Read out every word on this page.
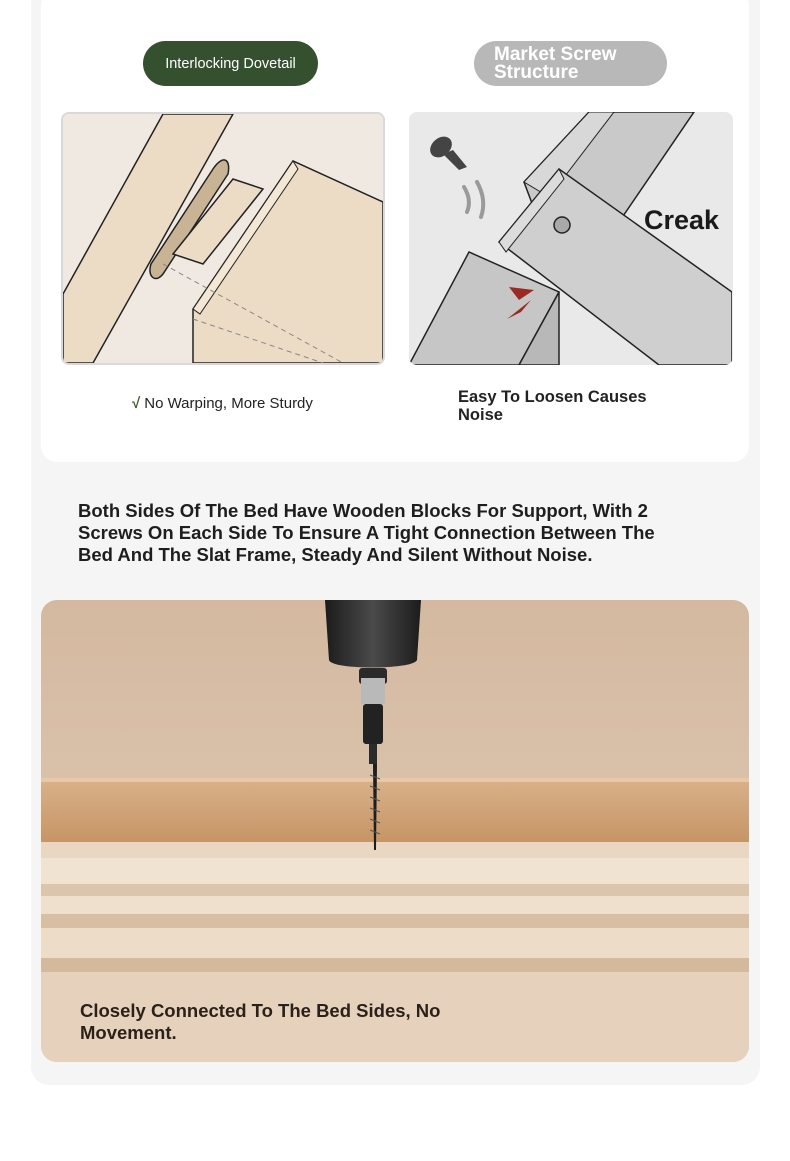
Interlocking Dovetail	Market Screw Structure
Creak
√ No Warping, More Sturdy	Easy To Loosen Causes Noise
Both Sides Of The Bed Have Wooden Blocks For Support, With 2 Screws On Each Side To Ensure A Tight Connection Between The Bed And The Slat Frame, Steady And Silent Without Noise.
Closely Connected To The Bed Sides, No Movement.
